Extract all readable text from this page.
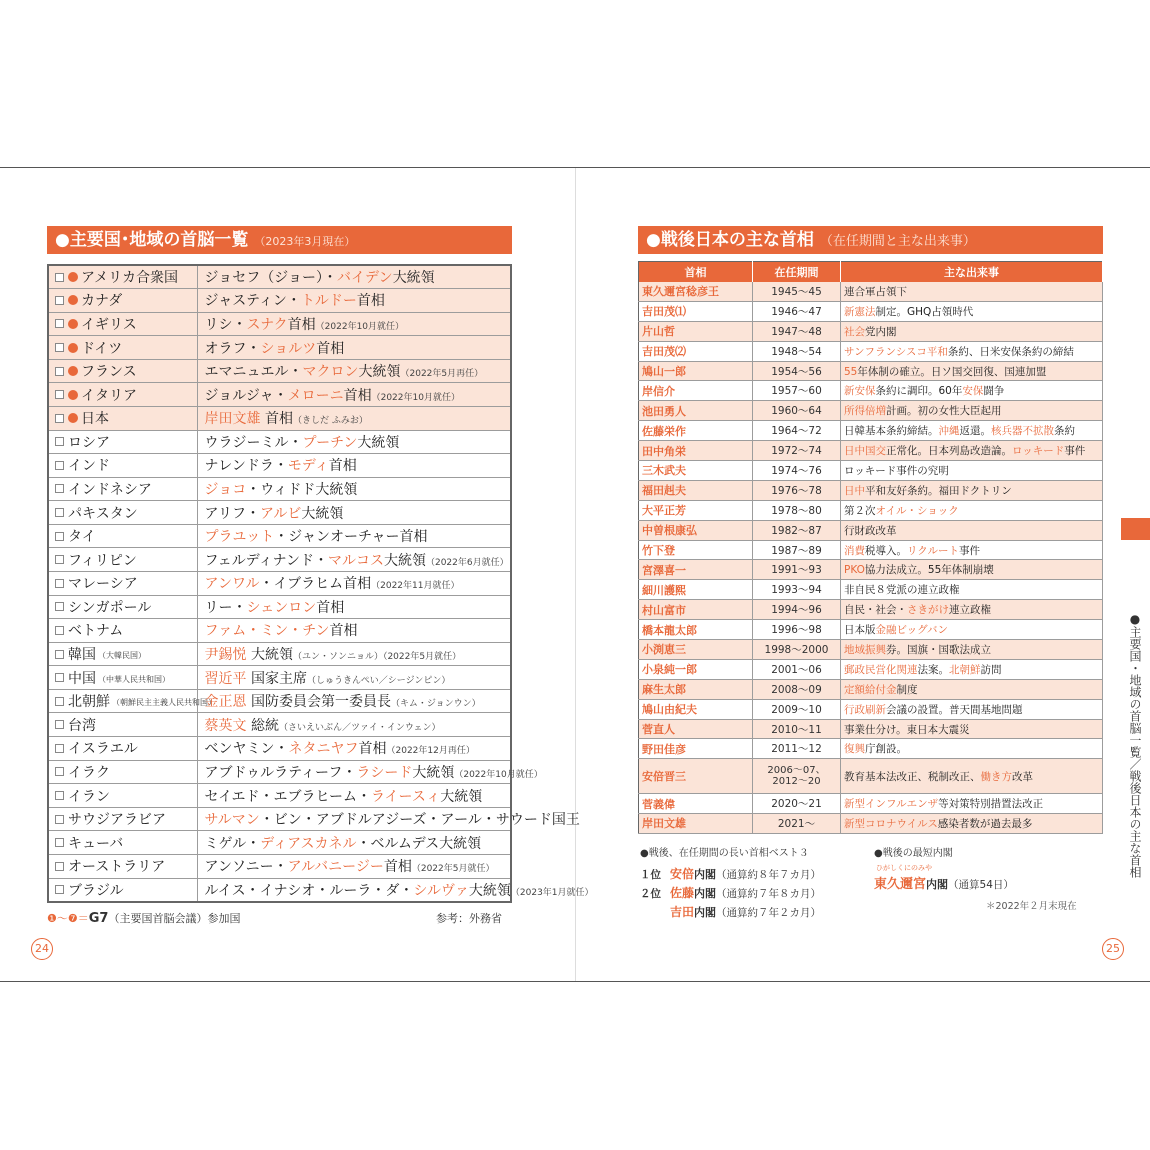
●主要国･地域の首脳一覧 （2023年3月現在）
アメリカ合衆国	ジョセフ（ジョー）・バイデン大統領
カナダ	ジャスティン・トルドー首相
イギリス	リシ・スナク首相（2022年10月就任）
ドイツ	オラフ・ショルツ首相
フランス	エマニュエル・マクロン大統領（2022年5月再任）
イタリア	ジョルジャ・メローニ首相（2022年10月就任）
日本	岸田文雄 首相（きしだ ふみお）
ロシア	ウラジーミル・プーチン大統領
インド	ナレンドラ・モディ首相
インドネシア	ジョコ・ウィドド大統領
パキスタン	アリフ・アルビ大統領
タイ	プラユット・ジャンオーチャー首相
フィリピン	フェルディナンド・マルコス大統領（2022年6月就任）
マレーシア	アンワル・イブラヒム首相（2022年11月就任）
シンガポール	リー・シェンロン首相
ベトナム	ファム・ミン・チン首相
韓国 （大韓民国）	尹錫悦 大統領（ユン・ソンニョル）（2022年5月就任）
中国 （中華人民共和国）	習近平 国家主席（しゅうきんぺい／シージンピン）
北朝鮮 （朝鮮民主主義人民共和国）	金正恩 国防委員会第一委員長（キム・ジョンウン）
台湾	蔡英文 総統（さいえいぶん／ツァイ・インウェン）
イスラエル	ベンヤミン・ネタニヤフ首相（2022年12月再任）
イラク	アブドゥルラティーフ・ラシード大統領（2022年10月就任）
イラン	セイエド・エブラヒーム・ライースィ大統領
サウジアラビア	サルマン・ビン・アブドルアジーズ・アール・サウード国王
キューバ	ミゲル・ディアスカネル・ベルムデス大統領
オーストラリア	アンソニー・アルバニージー首相（2022年5月就任）
ブラジル	ルイス・イナシオ・ルーラ・ダ・シルヴァ大統領（2023年1月就任）
❶～❼＝G7（主要国首脳会議）参加国	参考：外務省
24
●戦後日本の主な首相 （在任期間と主な出来事）
首相	在任期間	主な出来事
東久邇宮稔彦王	1945～45	連合軍占領下
吉田茂⑴	1946～47	新憲法制定。GHQ占領時代
片山哲	1947～48	社会党内閣
吉田茂⑵	1948～54	サンフランシスコ平和条約、日米安保条約の締結
鳩山一郎	1954～56	55年体制の確立。日ソ国交回復、国連加盟
岸信介	1957～60	新安保条約に調印。60年安保闘争
池田勇人	1960～64	所得倍増計画。初の女性大臣起用
佐藤栄作	1964～72	日韓基本条約締結。沖縄返還。核兵器不拡散条約
田中角栄	1972～74	日中国交正常化。日本列島改造論。ロッキード事件
三木武夫	1974～76	ロッキード事件の究明
福田赳夫	1976～78	日中平和友好条約。福田ドクトリン
大平正芳	1978～80	第２次オイル・ショック
中曽根康弘	1982～87	行財政改革
竹下登	1987～89	消費税導入。リクルート事件
宮澤喜一	1991～93	PKO協力法成立。55年体制崩壊
細川護熙	1993～94	非自民８党派の連立政権
村山富市	1994～96	自民・社会・さきがけ連立政権
橋本龍太郎	1996～98	日本版金融ビッグバン
小渕恵三	1998～2000	地域振興券。国旗・国歌法成立
小泉純一郎	2001～06	郵政民営化関連法案。北朝鮮訪問
麻生太郎	2008～09	定額給付金制度
鳩山由紀夫	2009～10	行政刷新会議の設置。普天間基地問題
菅直人	2010～11	事業仕分け。東日本大震災
野田佳彦	2011～12	復興庁創設。
安倍晋三	2006～07、2012～20	教育基本法改正、税制改正、働き方改革
菅義偉	2020～21	新型インフルエンザ等対策特別措置法改正
岸田文雄	2021～	新型コロナウイルス感染者数が過去最多
●戦後、在任期間の長い首相ベスト３
１位 安倍内閣（通算約８年７カ月）
２位 佐藤内閣（通算約７年８カ月）
吉田内閣（通算約７年２カ月）
●戦後の最短内閣
ひがしくにのみや
東久邇宮内閣（通算54日）
＊2022年２月末現在
25
●主要国・地域の首脳一覧／戦後日本の主な首相
